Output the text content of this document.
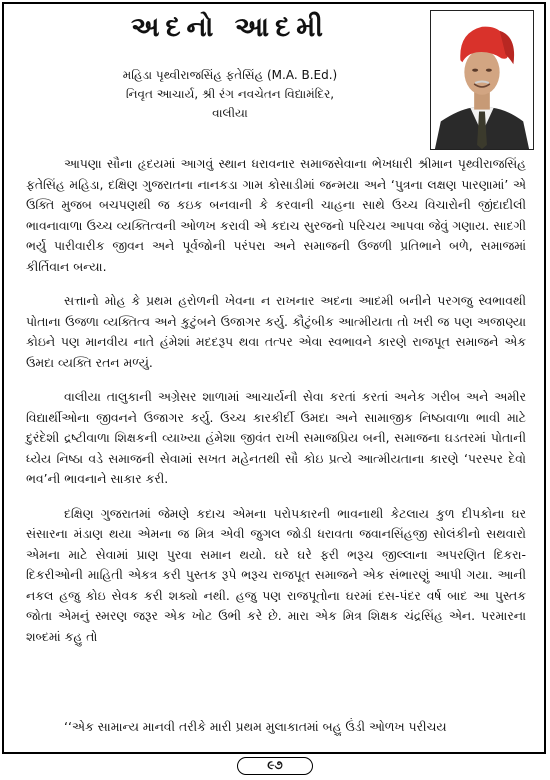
અદનો આદમી
મહિડા પૃથ્વીરાજસિંહ ફતેસિંહ (M.A. B.Ed.)
નિવૃત આચાર્ય, શ્રી રંગ નવચેતન વિદ્યામંદિર,
વાલીયા

આપણા સૌના હૃદયમાં આગવું સ્થાન ધરાવનાર સમાજસેવાના ભેખધારી શ્રીમાન પૃથ્વીરાજસિંહ ફતેસિંહ મહિડા, દક્ષિણ ગુજરાતના નાનકડા ગામ કોસાડીમાં જન્મયા અને ‘પુત્રના લક્ષણ પારણામાં’ એ ઉક્તિ મુજબ બચપણથી જ કઇક બનવાની કે કરવાની ચાહના સાથે ઉચ્ચ વિચારોની જીંદાદીલી ભાવનાવાળા ઉચ્ચ વ્યક્તિત્વની ઓળખ કરાવી એ કદાચ સુરજનો પરિચય આપવા જેવું ગણાય. સાદગી ભર્યુ પારીવારીક જીવન અને પૂર્વજોની પરંપરા અને સમાજની ઉજળી પ્રતિભાને બળે, સમાજમાં કીર્તિવાન બન્યા.

સત્તાનો મોહ કે પ્રથમ હરોળની ખેવના ન રાખનાર અદના આદમી બનીને પરગજુ સ્વભાવથી પોતાના ઉજળા વ્યક્તિત્વ અને કુટુંબને ઉજાગર કર્યુ. કૌટુંબીક આત્મીયતા તો ખરી જ પણ અજાણ્યા કોઇને પણ માનવીય નાતે હંમેશાં મદદરૂપ થવા તત્પર એવા સ્વભાવને કારણે રાજપૂત સમાજને એક ઉમદા વ્યક્તિ રતન મળ્યું.

વાલીયા તાલુકાની અગ્રેસર શાળામાં આચાર્યની સેવા કરતાં કરતાં અનેક ગરીબ અને અમીર વિદ્યાર્થીઓના જીવનને ઉજાગર કર્યુ. ઉચ્ચ કારકીર્દી ઉમદા અને સામાજીક નિષ્ઠાવાળા ભાવી માટે દુરંદેશી દ્રષ્ટીવાળા શિક્ષકની વ્યાખ્યા હંમેશા જીવંત રાખી સમાજપ્રિય બની, સમાજના ઘડતરમાં પોતાની ધ્યેય નિષ્ઠા વડે સમાજની સેવામાં સખત મહેનતથી સૌ કોઇ પ્રત્યે આત્મીયતાના કારણે ‘પરસ્પર દેવો ભવ’ની ભાવનાને સાકાર કરી.

દક્ષિણ ગુજરાતમાં જેમણે કદાચ એમના પરોપકારની ભાવનાથી કેટલાય કુળ દીપકોના ઘર સંસારના મંડાણ થયા એમના જ મિત્ર એવી જુગલ જોડી ધરાવતા જવાનસિંહજી સોલંકીનો સથવારો એમના માટે સેવામાં પ્રાણ પુરવા સમાન થયો. ઘરે ઘરે ફરી ભરૂચ જીલ્લાના અપરણિત દિકરા-દિકરીઓની માહિતી એકત્ર કરી પુસ્તક રૂપે ભરૂચ રાજપૂત સમાજને એક સંભારણું આપી ગયા. આની નકલ હજુ કોઇ સેવક કરી શક્યો નથી. હજુ પણ રાજપૂતોના ઘરમાં દસ-પંદર વર્ષ બાદ આ પુસ્તક જોતા એમનું સ્મરણ જરૂર એક ખોટ ઉભી કરે છે. મારા એક મિત્ર શિક્ષક ચંદ્રસિંહ એન. પરમારના શબ્દમાં કહુ તો

‘‘એક સામાન્ય માનવી તરીકે મારી પ્રથમ મુલાકાતમાં બહુ ઉંડી ઓળખ પરીચય
૯૭
